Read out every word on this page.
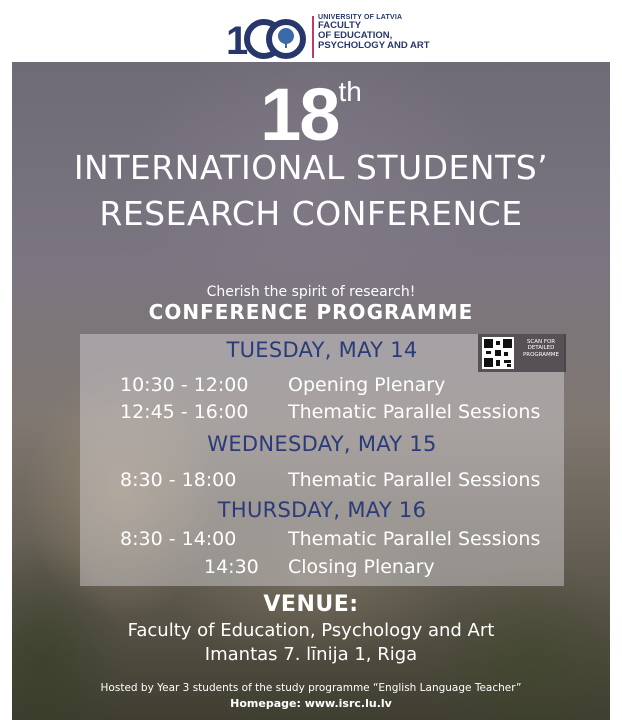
1
UNIVERSITY OF LATVIA
FACULTY
OF EDUCATION,
PSYCHOLOGY AND ART
18th
INTERNATIONAL STUDENTS’
RESEARCH CONFERENCE
Cherish the spirit of research!
CONFERENCE PROGRAMME
SCAN FOR DETAILED PROGRAMME
TUESDAY, MAY 14
10:30 - 12:00 Opening Plenary
12:45 - 16:00 Thematic Parallel Sessions
WEDNESDAY, MAY 15
8:30 - 18:00	Thematic Parallel Sessions
THURSDAY, MAY 16
8:30 - 14:00	Thematic Parallel Sessions
14:30 Closing Plenary
VENUE:
Faculty of Education, Psychology and Art
Imantas 7. līnija 1, Riga
Hosted by Year 3 students of the study programme “English Language Teacher”
Homepage: www.isrc.lu.lv
